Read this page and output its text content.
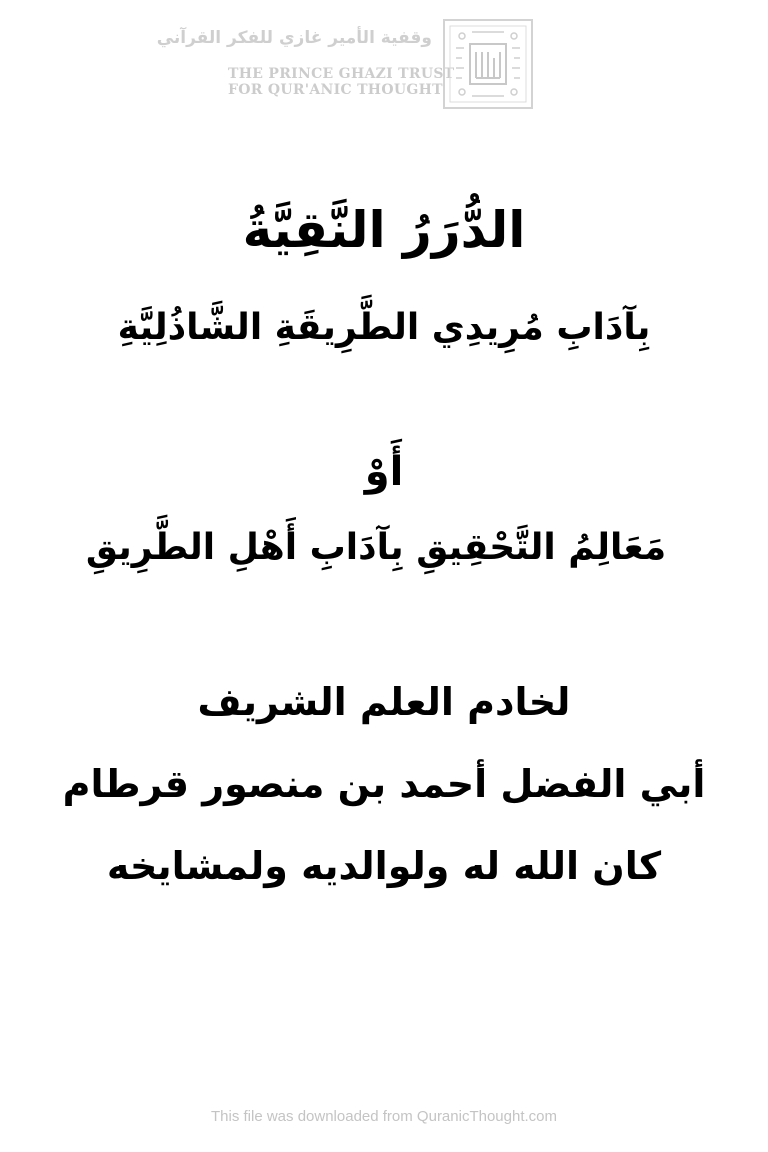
وقفية الأمير غازي للفكر القرآني
THE PRINCE GHAZI TRUST
FOR QUR'ANIC THOUGHT
الدُّرَرُ النَّقِيَّةُ
بِآدَابِ مُرِيدِي الطَّرِيقَةِ الشَّاذُلِيَّةِ
أَوْ
مَعَالِمُ التَّحْقِيقِ بِآدَابِ أَهْلِ الطَّرِيقِ
لخادم العلم الشريف
أبي الفضل أحمد بن منصور قرطام
كان الله له ولوالديه ولمشايخه
This file was downloaded from QuranicThought.com
